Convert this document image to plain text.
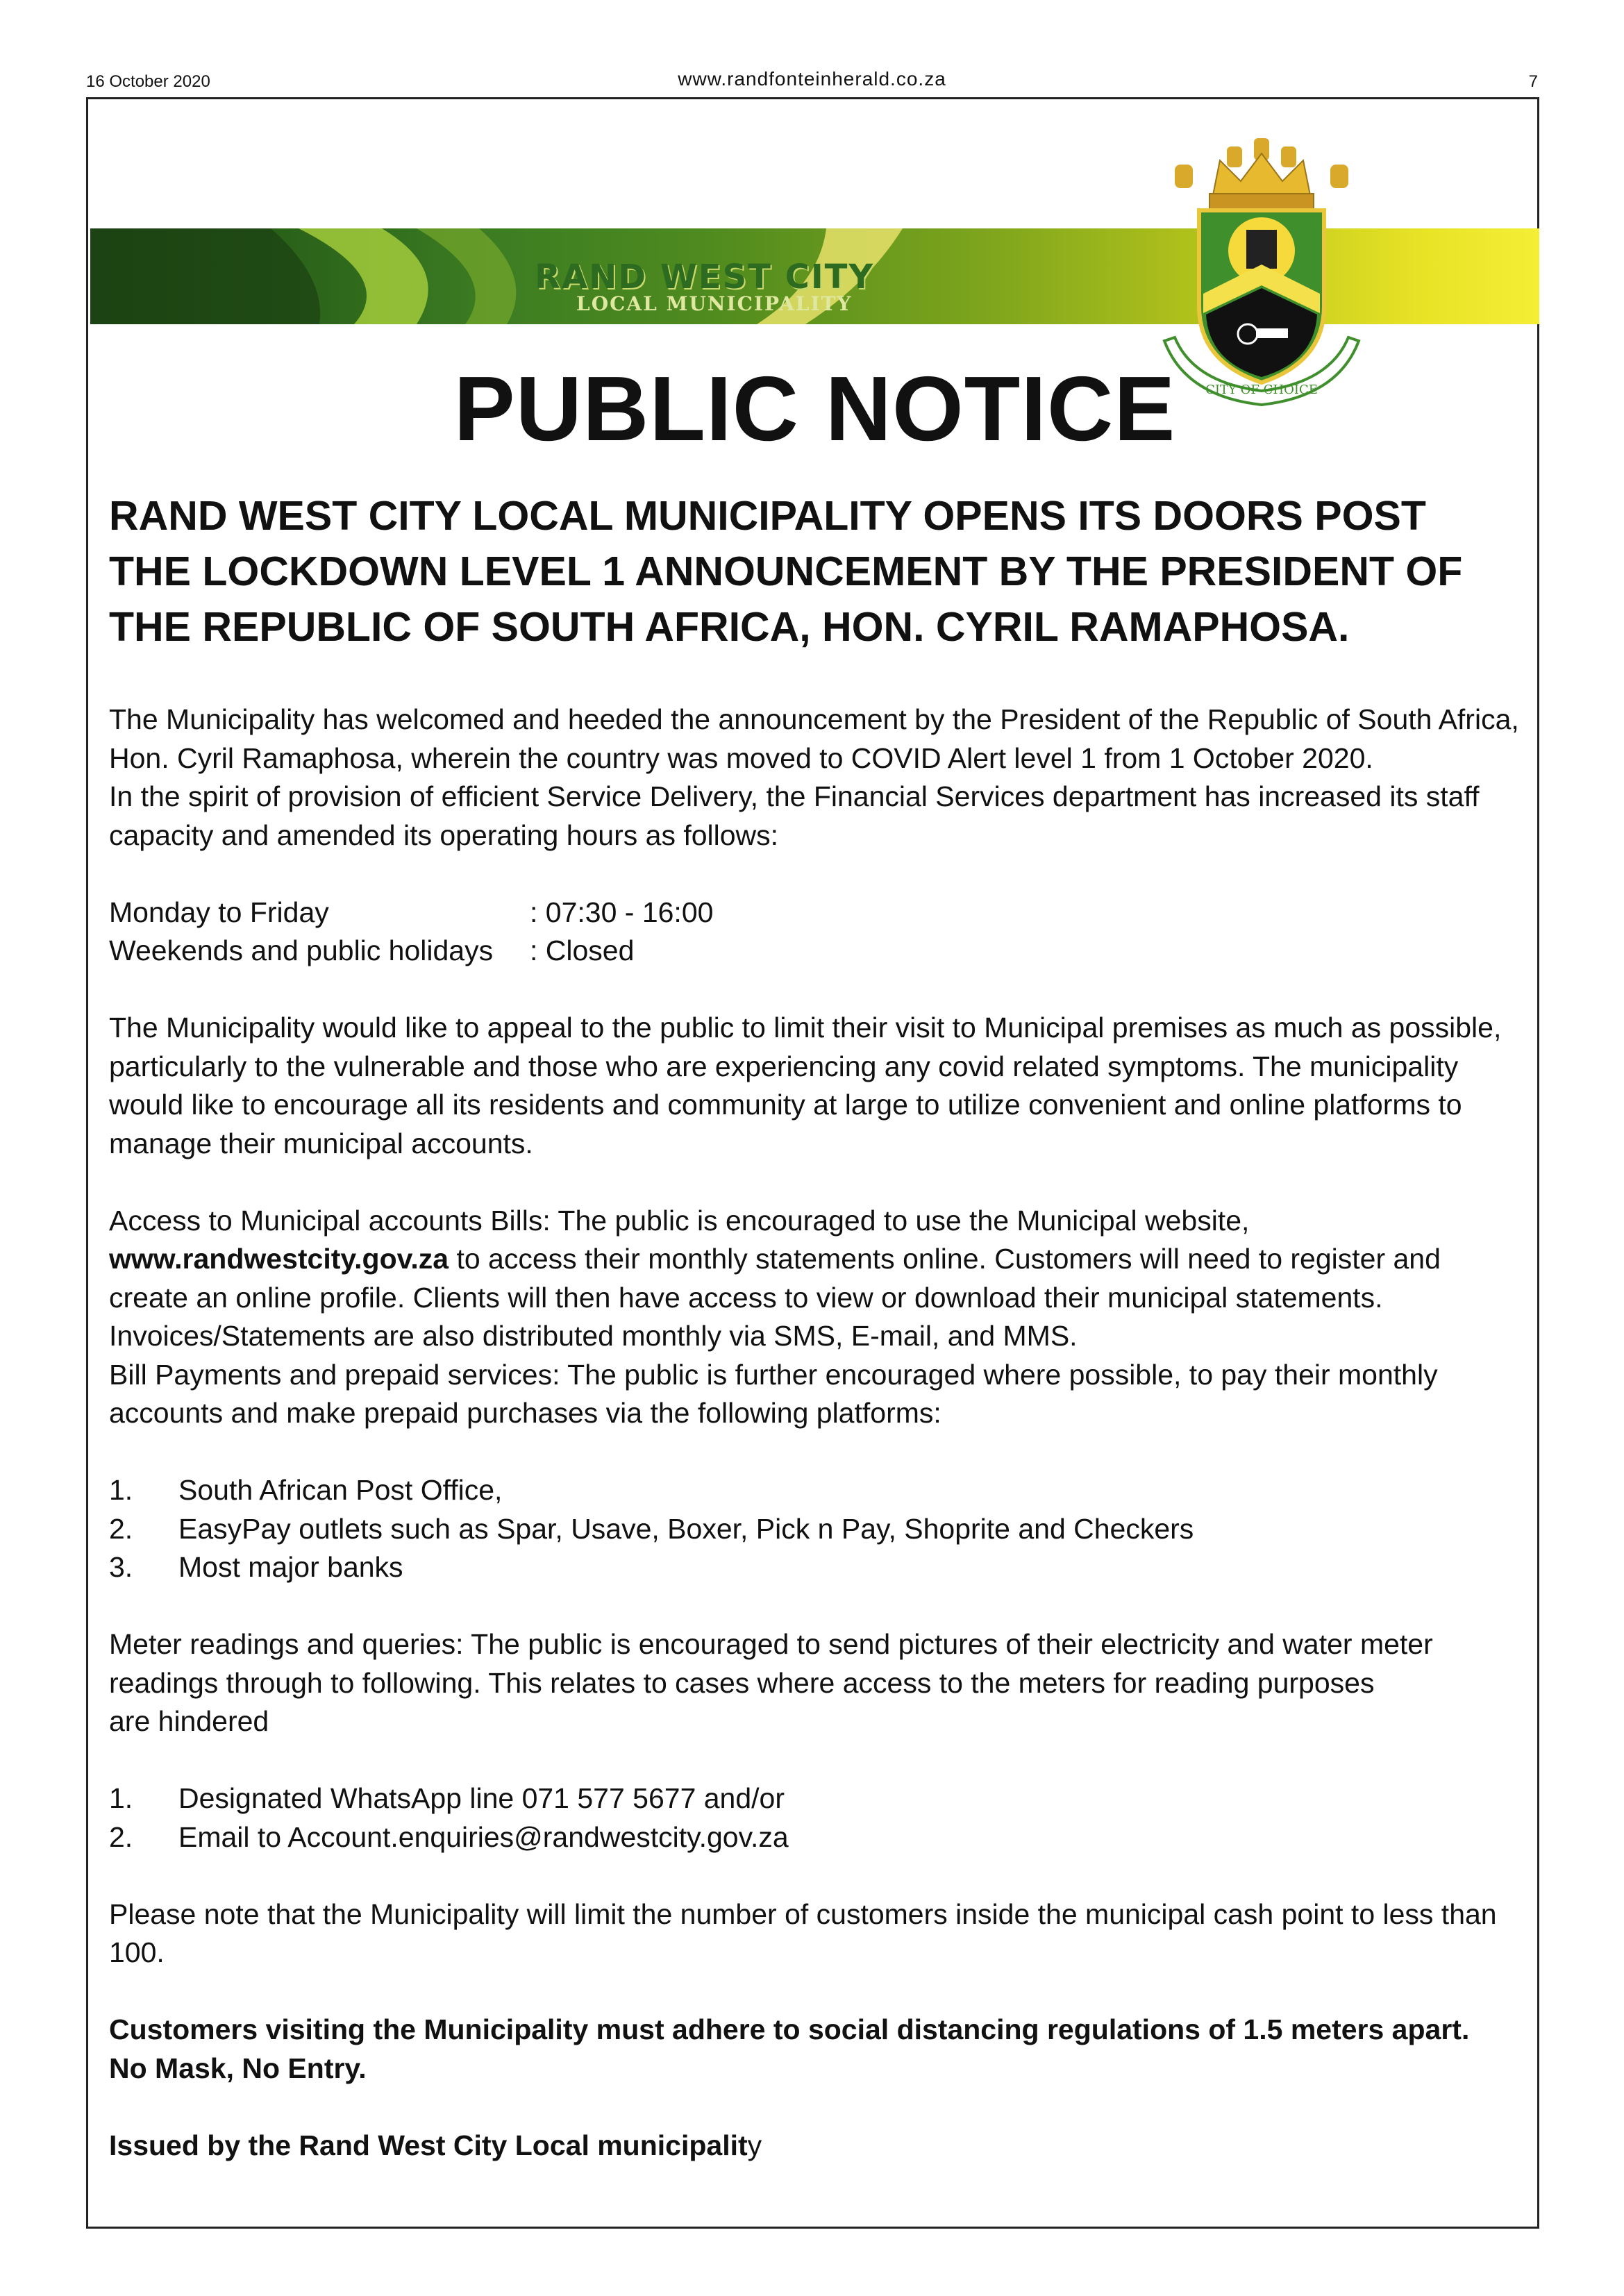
16 October 2020	www.randfonteinherald.co.za	7
RAND WEST CITY
LOCAL MUNICIPALITY
CITY OF CHOICE
PUBLIC NOTICE
RAND WEST CITY LOCAL MUNICIPALITY OPENS ITS DOORS POST THE LOCKDOWN LEVEL 1 ANNOUNCEMENT BY THE PRESIDENT OF THE REPUBLIC OF SOUTH AFRICA, HON. CYRIL RAMAPHOSA.

The Municipality has welcomed and heeded the announcement by the President of the Republic of South Africa, Hon. Cyril Ramaphosa, wherein the country was moved to COVID Alert level 1 from 1 October 2020.

In the spirit of provision of efficient Service Delivery, the Financial Services department has increased its staff capacity and amended its operating hours as follows:

Monday to Friday	: 07:30 - 16:00
Weekends and public holidays	: Closed

The Municipality would like to appeal to the public to limit their visit to Municipal premises as much as possible, particularly to the vulnerable and those who are experiencing any covid related symptoms. The municipality would like to encourage all its residents and community at large to utilize convenient and online platforms to manage their municipal accounts.

Access to Municipal accounts Bills: The public is encouraged to use the Municipal website,

www.randwestcity.gov.za to access their monthly statements online. Customers will need to register and create an online profile. Clients will then have access to view or download their municipal statements.

Invoices/Statements are also distributed monthly via SMS, E-mail, and MMS.

Bill Payments and prepaid services: The public is further encouraged where possible, to pay their monthly accounts and make prepaid purchases via the following platforms:

1.	South African Post Office,
2.	EasyPay outlets such as Spar, Usave, Boxer, Pick n Pay, Shoprite and Checkers
3.	Most major banks

Meter readings and queries: The public is encouraged to send pictures of their electricity and water meter

readings through to following. This relates to cases where access to the meters for reading purposes

are hindered

1.	Designated WhatsApp line 071 577 5677 and/or
2.	Email to Account.enquiries@randwestcity.gov.za

Please note that the Municipality will limit the number of customers inside the municipal cash point to less than 100.

Customers visiting the Municipality must adhere to social distancing regulations of 1.5 meters apart.

No Mask, No Entry.

Issued by the Rand West City Local municipality
